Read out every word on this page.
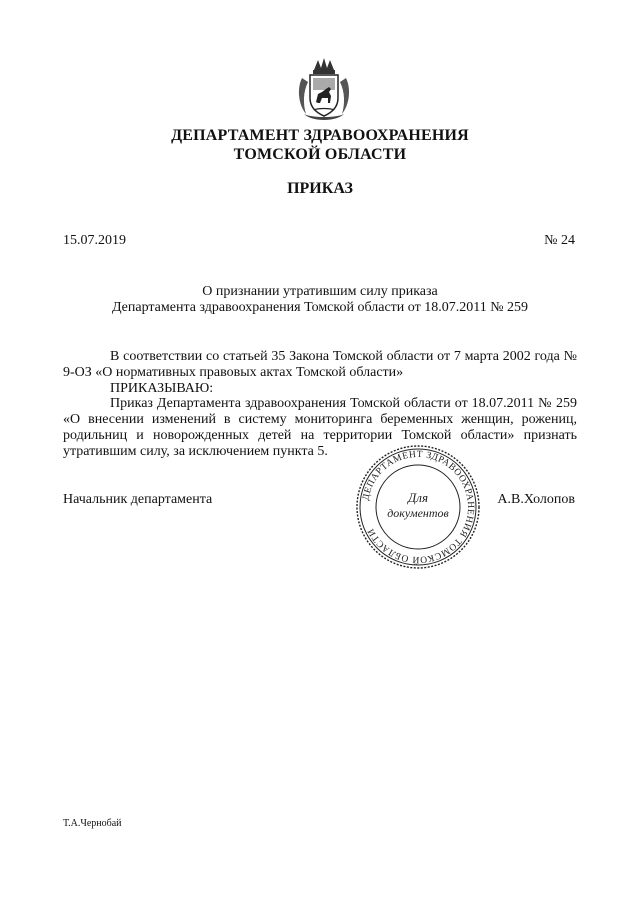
ДЕПАРТАМЕНТ ЗДРАВООХРАНЕНИЯ
ТОМСКОЙ ОБЛАСТИ
ПРИКАЗ
15.07.2019	№ 24
О признании утратившим силу приказа
Департамента здравоохранения Томской области от 18.07.2011 № 259
В соответствии со статьей 35 Закона Томской области от 7 марта 2002 года № 9-ОЗ «О нормативных правовых актах Томской области»
ПРИКАЗЫВАЮ:
Приказ Департамента здравоохранения Томской области от 18.07.2011 № 259 «О внесении изменений в систему мониторинга беременных женщин, рожениц, родильниц и новорожденных детей на территории Томской области» признать утратившим силу, за исключением пункта 5.
Начальник департамента	А.В.Холопов
ДЕПАРТАМЕНТ ЗДРАВООХРАНЕНИЯ ТОМСКОЙ ОБЛАСТИ
Для
документов
Т.А.Чернобай
